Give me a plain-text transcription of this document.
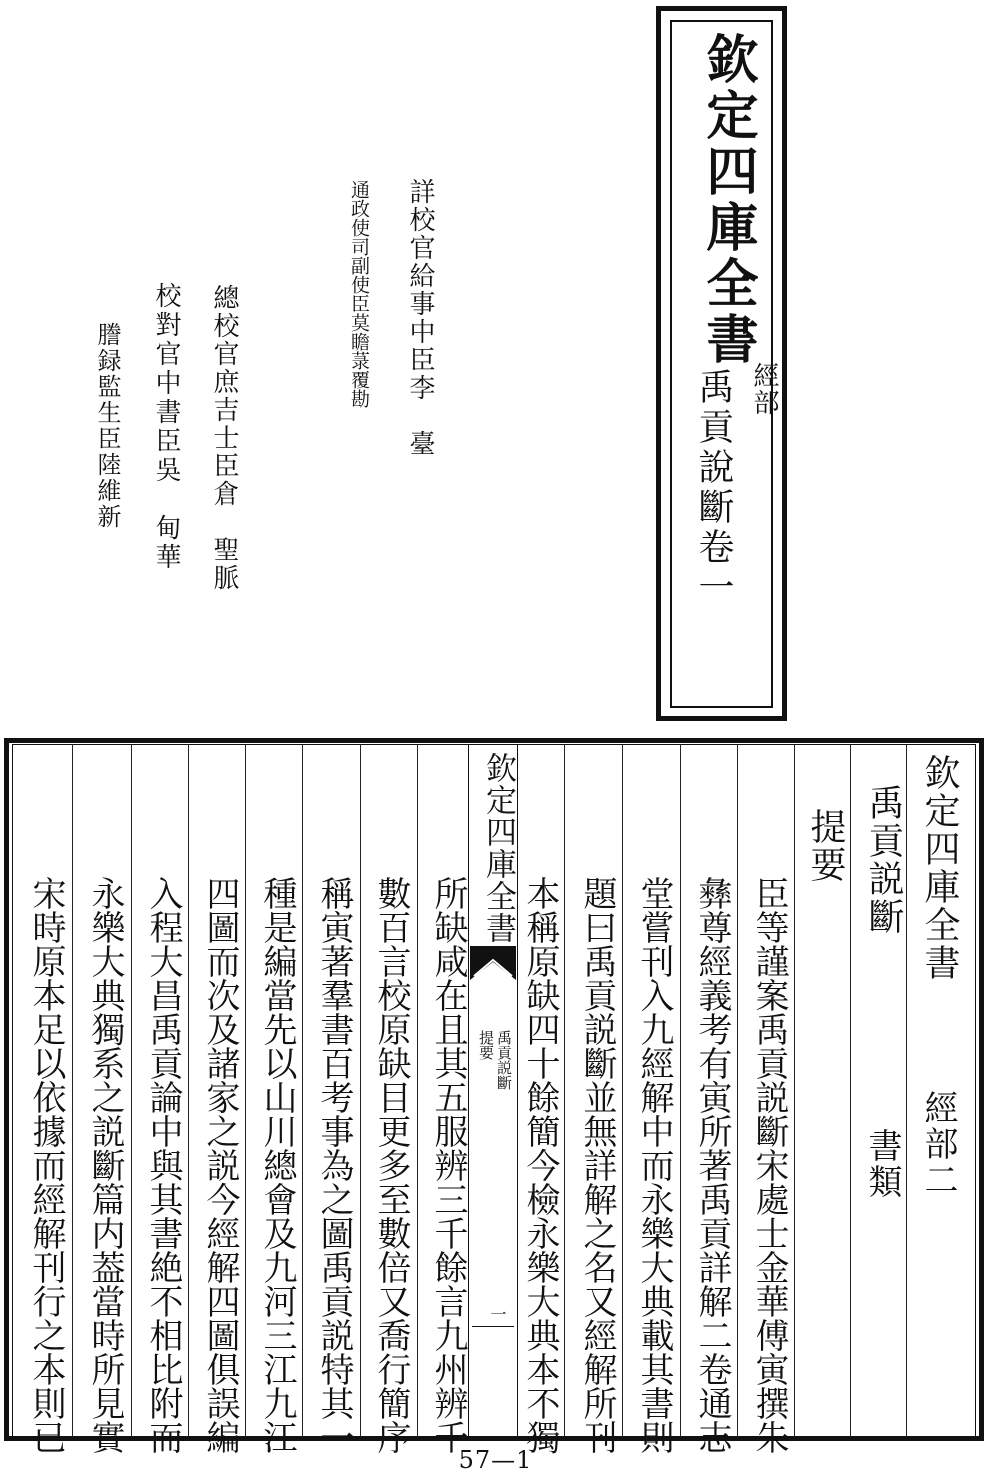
欽定四庫全書
經部
禹貢說斷卷一
詳校官給事中臣李　臺
通政使司副使臣莫瞻菉覆勘
總校官庶吉士臣倉　聖脈
校對官中書臣吳　甸華
謄録監生臣陸維新
欽定四庫全書
禹貢説斷
提要
一
欽定四庫全書
經部二
禹貢説斷
書類
提要
臣等謹案禹貢説斷宋處士金華傅寅撰朱
彝尊經義考有寅所著禹貢詳解二卷通志
堂嘗刊入九經解中而永樂大典載其書則
題曰禹貢説斷並無詳解之名又經解所刊
本稱原缺四十餘簡今檢永樂大典本不獨
所缺咸在且其五服辨三千餘言九州辨千
數百言校原缺目更多至數倍又喬行簡序
稱寅著羣書百考事為之圖禹貢説特其一
種是編當先以山川總會及九河三江九江
四圖而次及諸家之説今經解四圖俱誤編
入程大昌禹貢論中與其書絶不相比附而
永樂大典獨系之説斷篇内葢當時所見實
宋時原本足以依據而經解刊行之本則已
57—1
